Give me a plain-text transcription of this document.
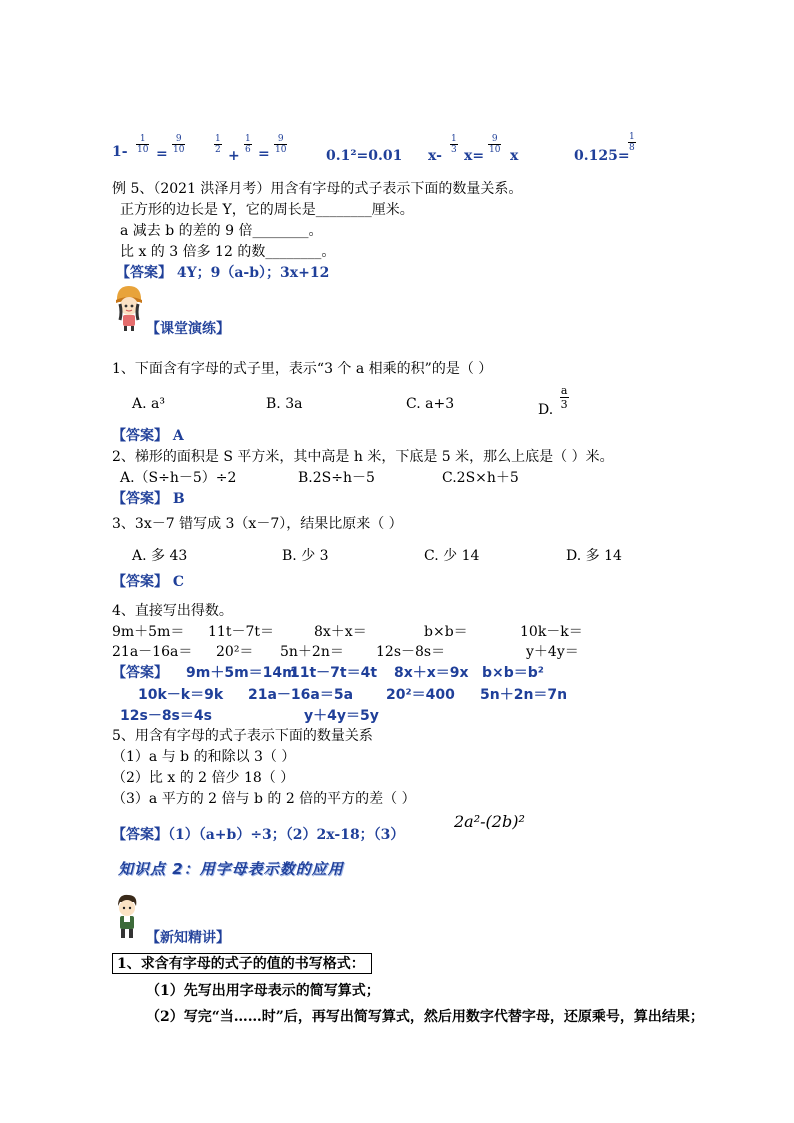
$1- \frac{1}{10} = \frac{9}{10}$	$\frac{1}{2}$
+
$\frac{1}{6} = \frac{9}{10}$
0.1²=0.01 x-
$\frac{1}{3}$
x=
$\frac{9}{10}$
x	0.125=
$\frac{1}{8}$
例 5、（2021 洪泽月考）用含有字母的式子表示下面的数量关系。
正方形的边长是 Y，它的周长是________厘米。
a 减去 b 的差的 9 倍________。
比 x 的 3 倍多 12 的数________。
【答案】 4Y；9（a-b）；3x+12
【课堂演练】
1、下面含有字母的式子里，表示“3 个 a 相乘的积”的是（ ）
A. a³	B. 3a	C. a+3	D. $\frac{a}{3}$
【答案】 A
2、梯形的面积是 S 平方米，其中高是 h 米，下底是 5 米，那么上底是（ ）米。
A.（S÷h－5）÷2	B.2S÷h－5	C.2S×h＋5
【答案】 B
3、3x－7 错写成 3（x－7），结果比原来（ ）
A. 多 43	B. 少 3	C. 少 14	D. 多 14
【答案】 C
4、直接写出得数。
9m＋5m＝ 11t－7t＝	8x＋x＝	b×b＝	10k－k＝
21a－16a＝ 20²＝ 5n＋2n＝ 12s－8s＝	y＋4y＝
【答案】 9m＋5m＝14m
11t－7t＝4t 8x＋x＝9x b×b＝b²
10k－k＝9k 21a－16a＝5a 20²＝400 5n＋2n＝7n
12s－8s＝4s	y＋4y＝5y
5、用含有字母的式子表示下面的数量关系
（1）a 与 b 的和除以 3（ ）
（2）比 x 的 2 倍少 18（ ）
（3）a 平方的 2 倍与 b 的 2 倍的平方的差（ ）
【答案】（1）（a+b）÷3；（2）2x-18；（3）
2a²-(2b)²
知识点 2：用字母表示数的应用
【新知精讲】
1、求含有字母的式子的值的书写格式：
（1）先写出用字母表示的简写算式；
（2）写完“当……时”后，再写出简写算式，然后用数字代替字母，还原乘号，算出结果；
